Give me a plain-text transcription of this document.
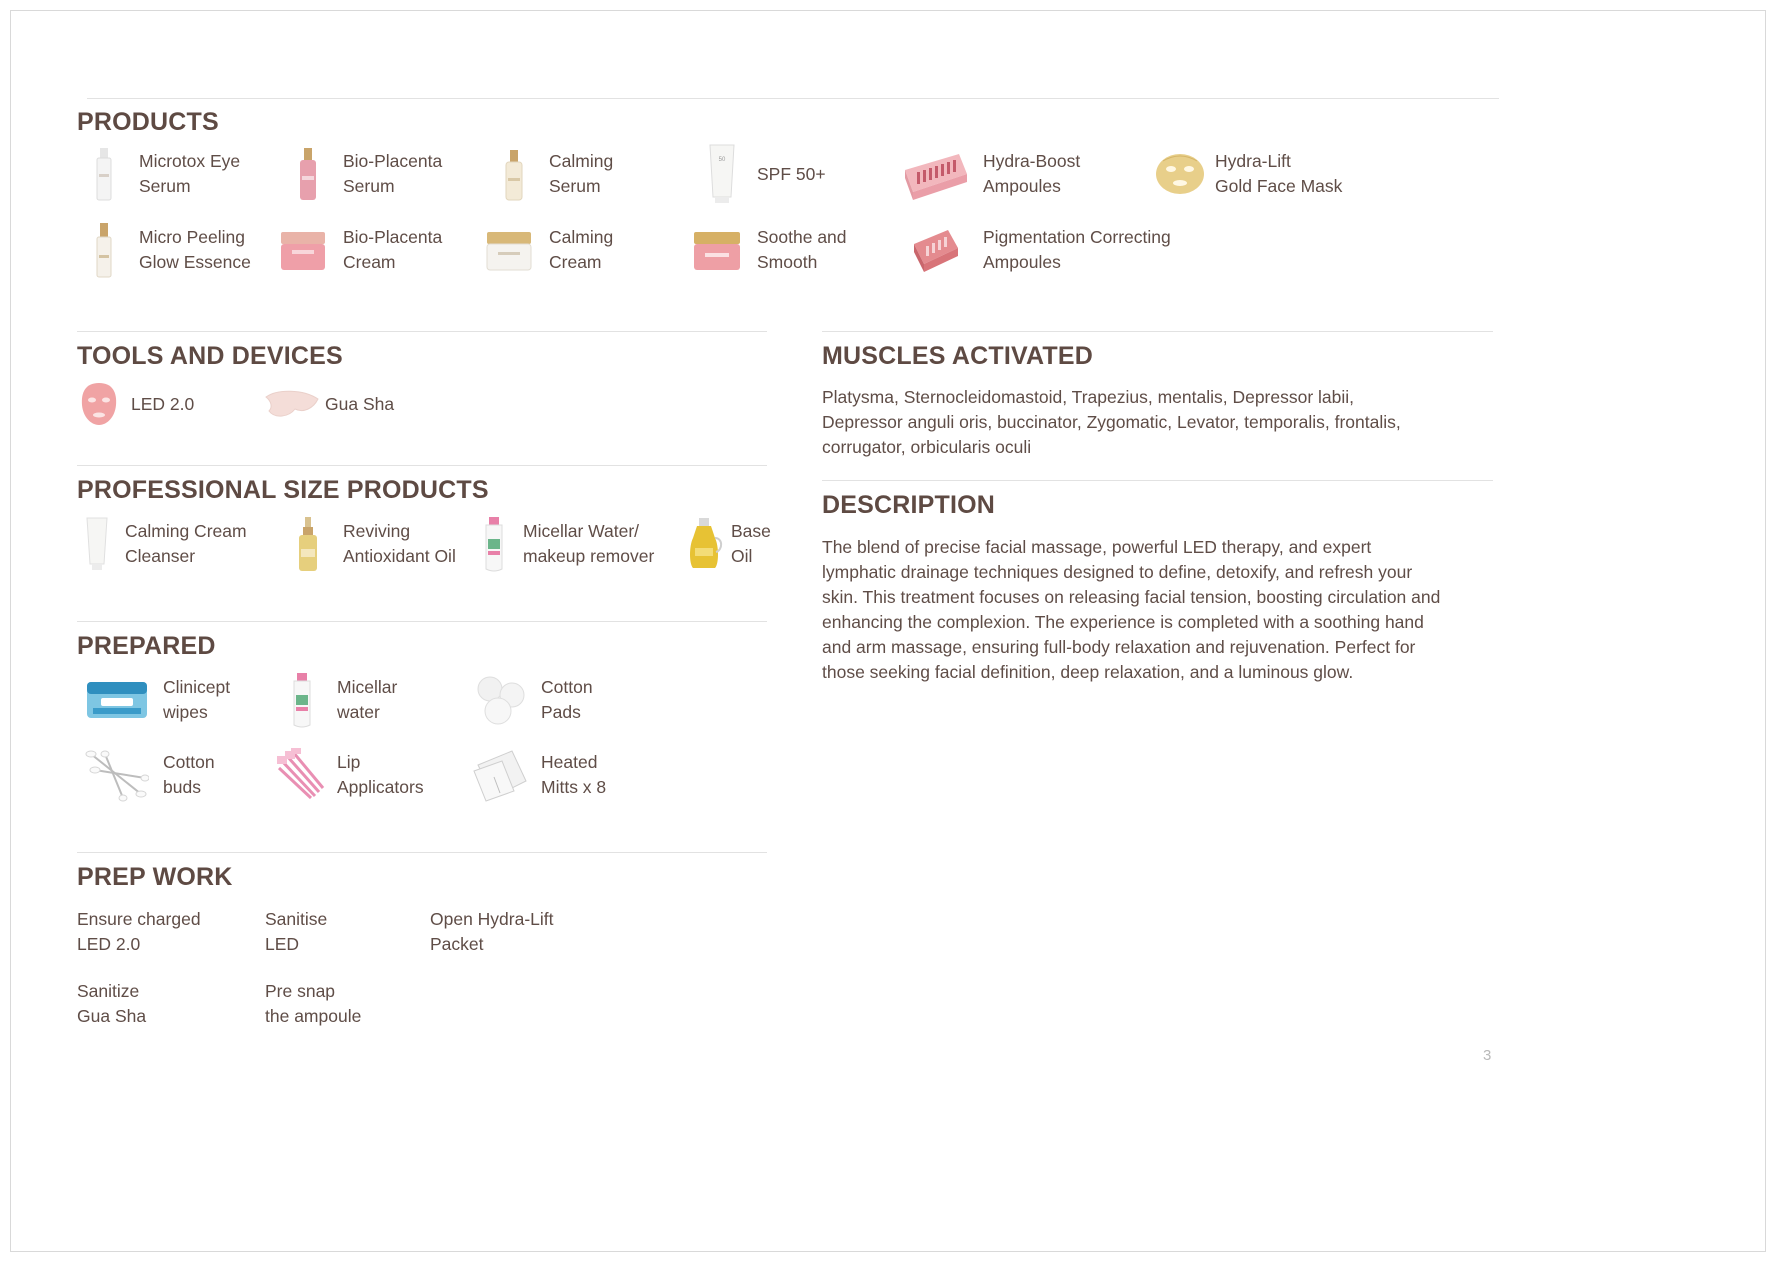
PRODUCTS
Microtox Eye
Serum
Bio-Placenta
Serum
Calming
Serum
50
SPF 50+
Hydra-Boost
Ampoules
Hydra-Lift
Gold Face Mask
Micro Peeling
Glow Essence
Bio-Placenta
Cream
Calming
Cream
Soothe and
Smooth
Pigmentation Correcting
Ampoules
TOOLS AND DEVICES
LED 2.0	Gua Sha
PROFESSIONAL SIZE PRODUCTS
Calming Cream
Cleanser
Reviving
Antioxidant Oil
Micellar Water/
makeup remover
Base
Oil
PREPARED
Clinicept
wipes
Micellar
water
Cotton
Pads
Cotton
buds
Lip
Applicators
Heated
Mitts x 8
PREP WORK
Ensure charged
LED 2.0
Sanitise
LED
Open Hydra-Lift
Packet
Sanitize
Gua Sha
Pre snap
the ampoule
MUSCLES ACTIVATED
Platysma, Sternocleidomastoid, Trapezius, mentalis, Depressor labii, Depressor anguli oris, buccinator, Zygomatic, Levator, temporalis, frontalis, corrugator, orbicularis oculi
DESCRIPTION
The blend of precise facial massage, powerful LED therapy, and expert lymphatic drainage techniques designed to define, detoxify, and refresh your skin. This treatment focuses on releasing facial tension, boosting circulation and enhancing the complexion. The experience is completed with a soothing hand and arm massage, ensuring full-body relaxation and rejuvenation. Perfect for those seeking facial definition, deep relaxation, and a luminous glow.
3
